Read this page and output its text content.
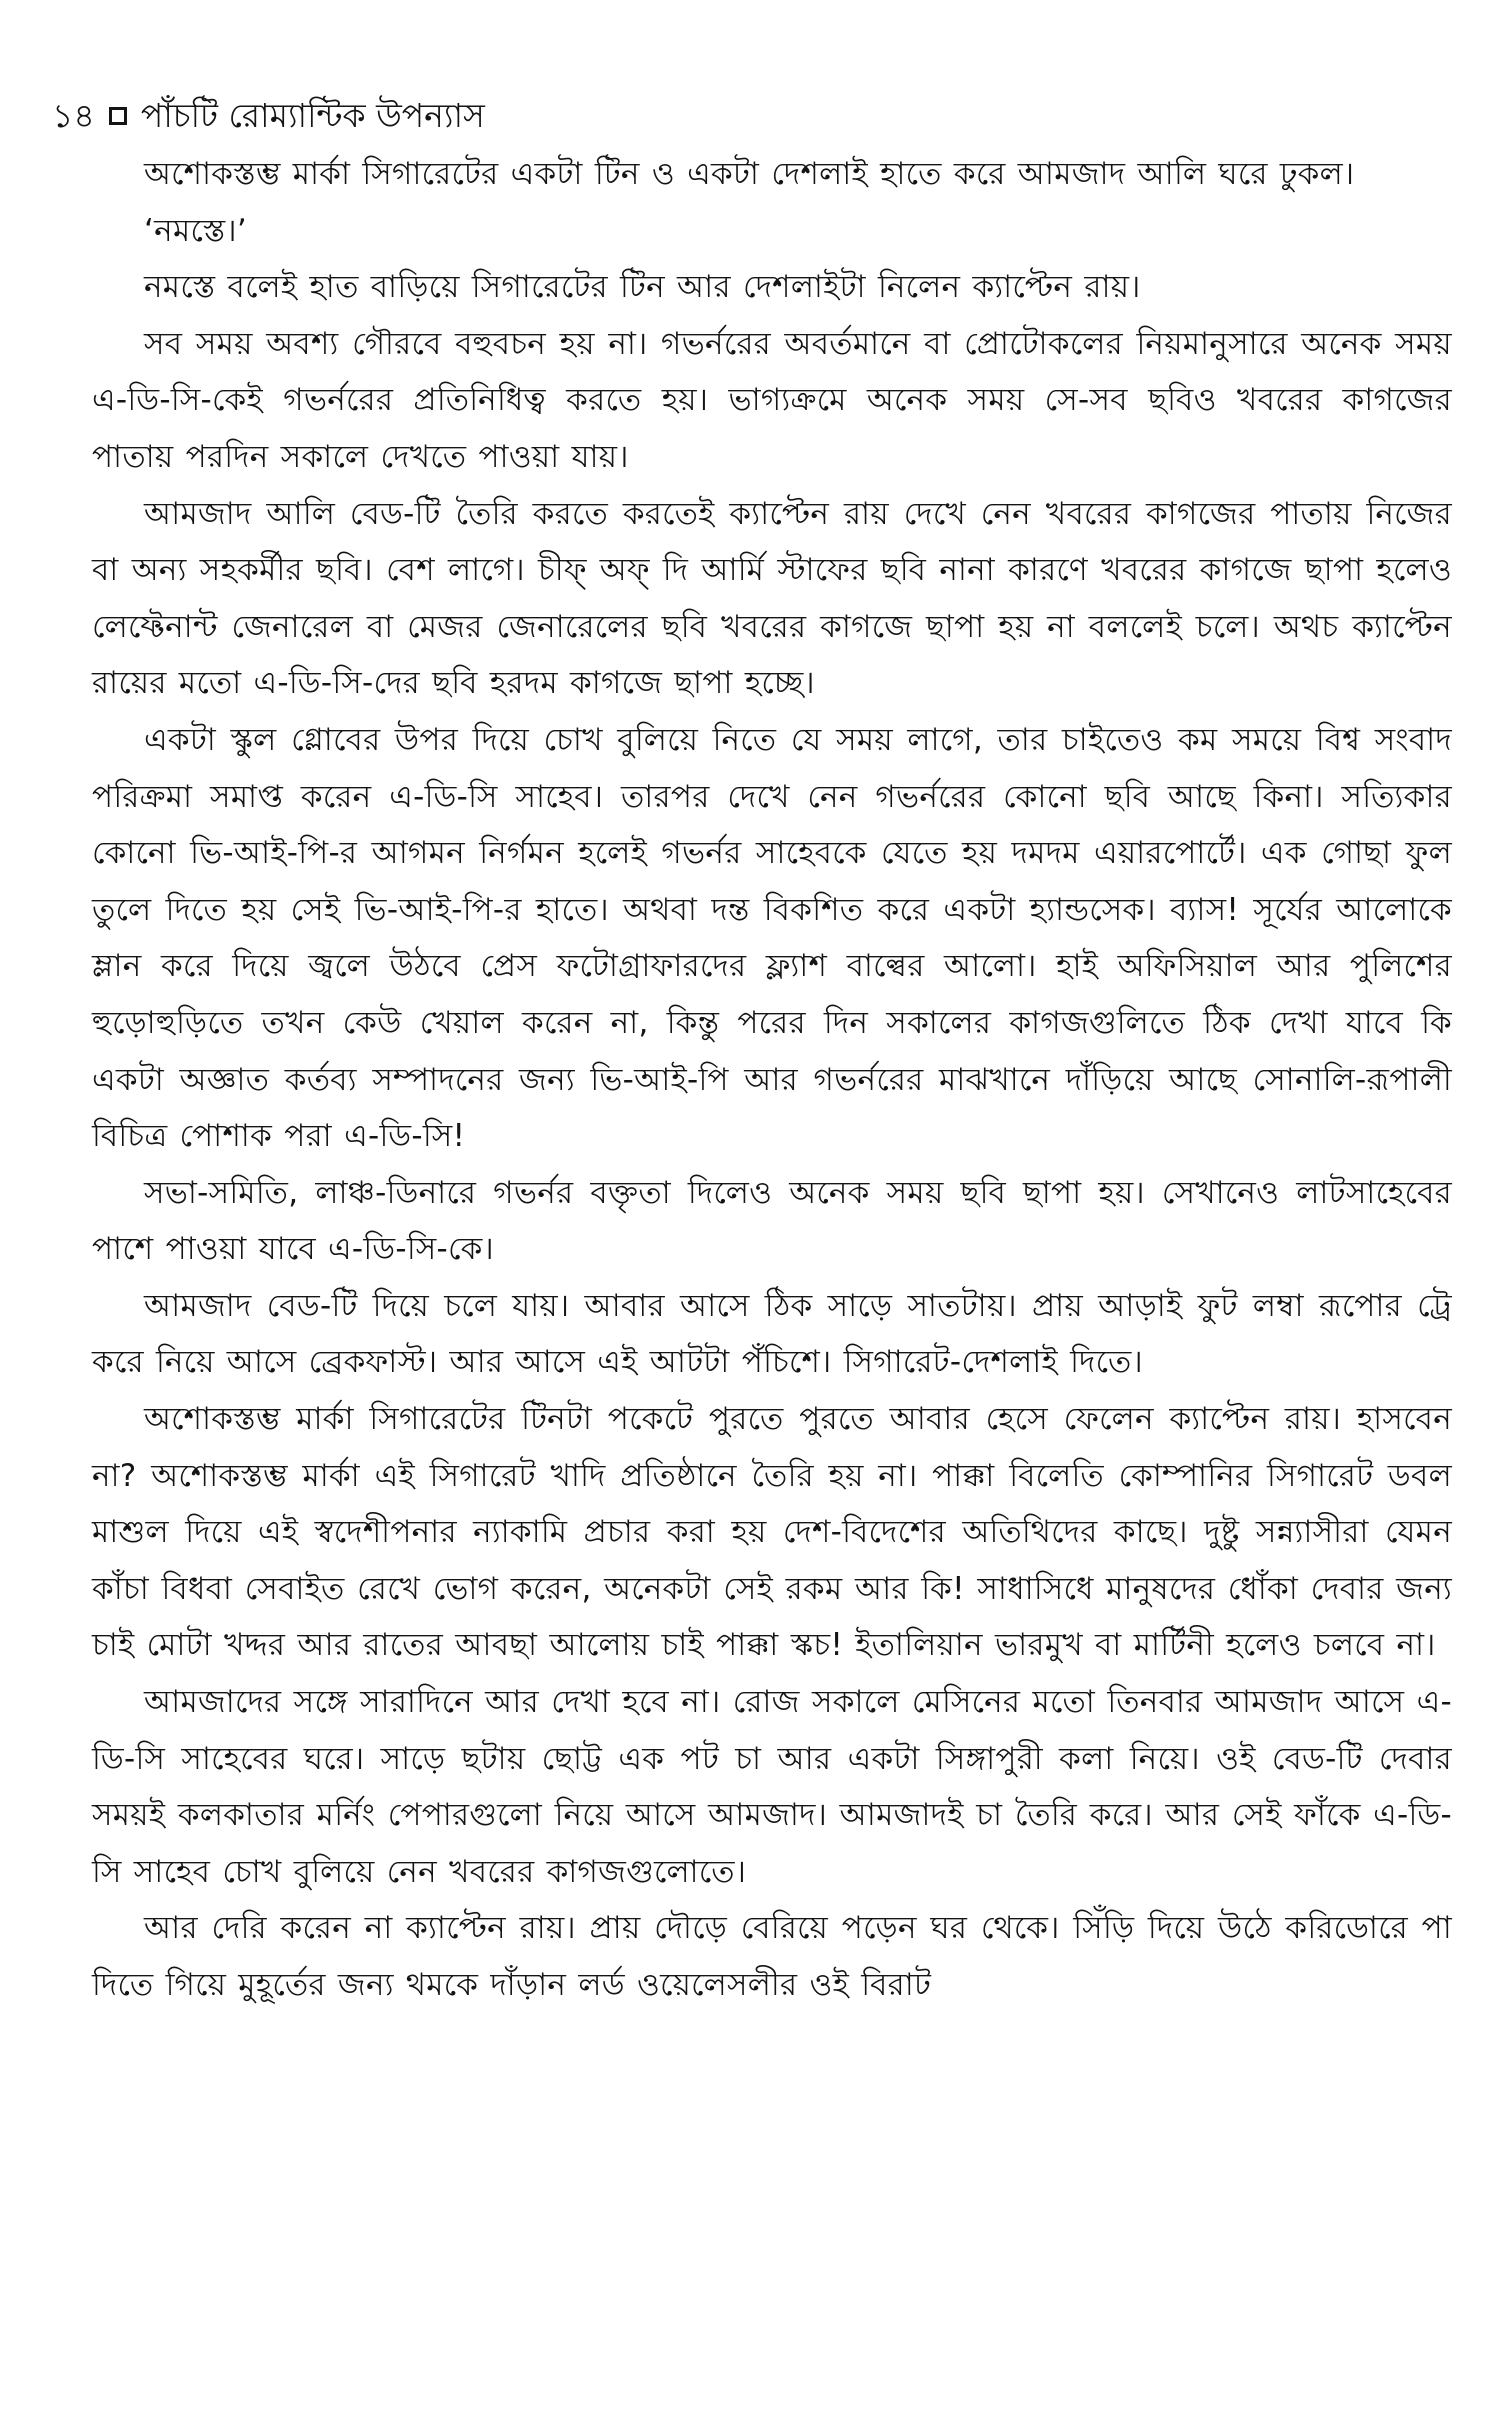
১৪ পাঁচটি রোম্যান্টিক উপন্যাস

অশোকস্তম্ভ মার্কা সিগারেটের একটা টিন ও একটা দেশলাই হাতে করে আমজাদ আলি ঘরে ঢুকল।

‘নমস্তে।’

নমস্তে বলেই হাত বাড়িয়ে সিগারেটের টিন আর দেশলাইটা নিলেন ক্যাপ্টেন রায়।

সব সময় অবশ্য গৌরবে বহুবচন হয় না। গভর্নরের অবর্তমানে বা প্রোটোকলের নিয়মানুসারে অনেক সময় এ-ডি-সি-কেই গভর্নরের প্রতিনিধিত্ব করতে হয়। ভাগ্যক্রমে অনেক সময় সে-সব ছবিও খবরের কাগজের পাতায় পরদিন সকালে দেখতে পাওয়া যায়।

আমজাদ আলি বেড-টি তৈরি করতে করতেই ক্যাপ্টেন রায় দেখে নেন খবরের কাগজের পাতায় নিজের বা অন্য সহকর্মীর ছবি। বেশ লাগে। চীফ্ অফ্ দি আর্মি স্টাফের ছবি নানা কারণে খবরের কাগজে ছাপা হলেও লেফ্টেনান্ট জেনারেল বা মেজর জেনারেলের ছবি খবরের কাগজে ছাপা হয় না বললেই চলে। অথচ ক্যাপ্টেন রায়ের মতো এ-ডি-সি-দের ছবি হরদম কাগজে ছাপা হচ্ছে।

একটা স্কুল গ্লোবের উপর দিয়ে চোখ বুলিয়ে নিতে যে সময় লাগে, তার চাইতেও কম সময়ে বিশ্ব সংবাদ পরিক্রমা সমাপ্ত করেন এ-ডি-সি সাহেব। তারপর দেখে নেন গভর্নরের কোনো ছবি আছে কিনা। সত্যিকার কোনো ভি-আই-পি-র আগমন নির্গমন হলেই গভর্নর সাহেবকে যেতে হয় দমদম এয়ারপোর্টে। এক গোছা ফুল তুলে দিতে হয় সেই ভি-আই-পি-র হাতে। অথবা দন্ত বিকশিত করে একটা হ্যান্ডসেক। ব্যাস! সূর্যের আলোকে ম্লান করে দিয়ে জ্বলে উঠবে প্রেস ফটোগ্রাফারদের ফ্ল্যাশ বাল্বের আলো। হাই অফিসিয়াল আর পুলিশের হুড়োহুড়িতে তখন কেউ খেয়াল করেন না, কিন্তু পরের দিন সকালের কাগজগুলিতে ঠিক দেখা যাবে কি একটা অজ্ঞাত কর্তব্য সম্পাদনের জন্য ভি-আই-পি আর গভর্নরের মাঝখানে দাঁড়িয়ে আছে সোনালি-রূপালী বিচিত্র পোশাক পরা এ-ডি-সি!

সভা-সমিতি, লাঞ্চ-ডিনারে গভর্নর বক্তৃতা দিলেও অনেক সময় ছবি ছাপা হয়। সেখানেও লাটসাহেবের পাশে পাওয়া যাবে এ-ডি-সি-কে।

আমজাদ বেড-টি দিয়ে চলে যায়। আবার আসে ঠিক সাড়ে সাতটায়। প্রায় আড়াই ফুট লম্বা রূপোর ট্রে করে নিয়ে আসে ব্রেকফাস্ট। আর আসে এই আটটা পঁচিশে। সিগারেট-দেশলাই দিতে।

অশোকস্তম্ভ মার্কা সিগারেটের টিনটা পকেটে পুরতে পুরতে আবার হেসে ফেলেন ক্যাপ্টেন রায়। হাসবেন না? অশোকস্তম্ভ মার্কা এই সিগারেট খাদি প্রতিষ্ঠানে তৈরি হয় না। পাক্কা বিলেতি কোম্পানির সিগারেট ডবল মাশুল দিয়ে এই স্বদেশীপনার ন্যাকামি প্রচার করা হয় দেশ-বিদেশের অতিথিদের কাছে। দুষ্টু সন্ন্যাসীরা যেমন কাঁচা বিধবা সেবাইত রেখে ভোগ করেন, অনেকটা সেই রকম আর কি! সাধাসিধে মানুষদের ধোঁকা দেবার জন্য চাই মোটা খদ্দর আর রাতের আবছা আলোয় চাই পাক্কা স্কচ! ইতালিয়ান ভারমুখ বা মার্টিনী হলেও চলবে না।

আমজাদের সঙ্গে সারাদিনে আর দেখা হবে না। রোজ সকালে মেসিনের মতো তিনবার আমজাদ আসে এ-ডি-সি সাহেবের ঘরে। সাড়ে ছটায় ছোট্ট এক পট চা আর একটা সিঙ্গাপুরী কলা নিয়ে। ওই বেড-টি দেবার সময়ই কলকাতার মর্নিং পেপারগুলো নিয়ে আসে আমজাদ। আমজাদই চা তৈরি করে। আর সেই ফাঁকে এ-ডি-সি সাহেব চোখ বুলিয়ে নেন খবরের কাগজগুলোতে।

আর দেরি করেন না ক্যাপ্টেন রায়। প্রায় দৌড়ে বেরিয়ে পড়েন ঘর থেকে। সিঁড়ি দিয়ে উঠে করিডোরে পা দিতে গিয়ে মুহূর্তের জন্য থমকে দাঁড়ান লর্ড ওয়েলেসলীর ওই বিরাট
